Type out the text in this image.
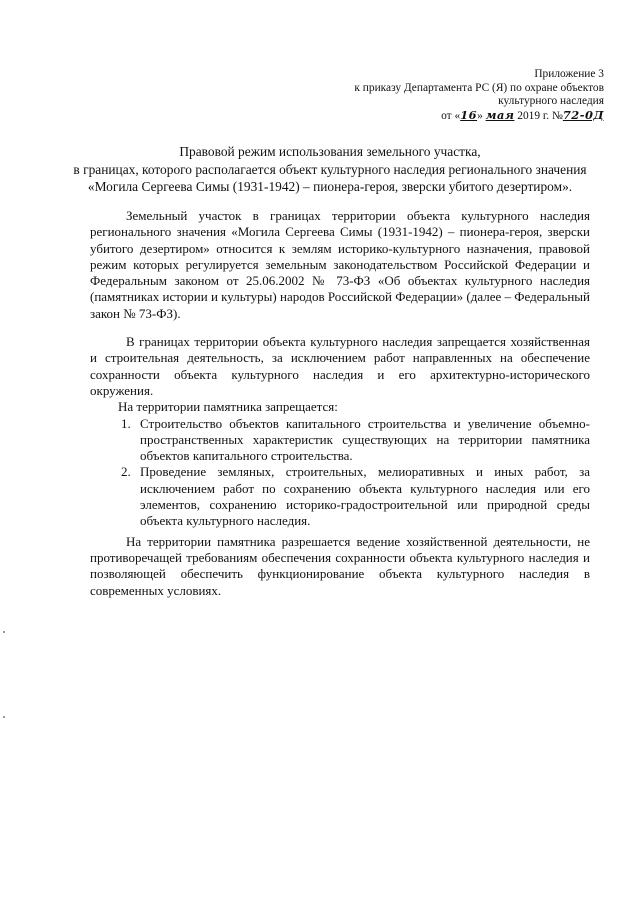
Приложение 3
к приказу Департамента РС (Я) по охране объектов
культурного наследия
от «16» мая 2019 г. №72-0Д
Правовой режим использования земельного участка,
в границах, которого располагается объект культурного наследия регионального значения
«Могила Сергеева Симы (1931-1942) – пионера-героя, зверски убитого дезертиром».

Земельный участок в границах территории объекта культурного наследия регионального значения «Могила Сергеева Симы (1931-1942) – пионера-героя, зверски убитого дезертиром» относится к землям историко-культурного назначения, правовой режим которых регулируется земельным законодательством Российской Федерации и Федеральным законом от 25.06.2002 № 73-ФЗ «Об объектах культурного наследия (памятниках истории и культуры) народов Российской Федерации» (далее – Федеральный закон № 73-ФЗ).

В границах территории объекта культурного наследия запрещается хозяйственная и строительная деятельность, за исключением работ направленных на обеспечение сохранности объекта культурного наследия и его архитектурно-исторического окружения.

На территории памятника запрещается:

1. Строительство объектов капитального строительства и увеличение объемно-пространственных характеристик существующих на территории памятника объектов капитального строительства.
2. Проведение земляных, строительных, мелиоративных и иных работ, за исключением работ по сохранению объекта культурного наследия или его элементов, сохранению историко-градостроительной или природной среды объекта культурного наследия.

На территории памятника разрешается ведение хозяйственной деятельности, не противоречащей требованиям обеспечения сохранности объекта культурного наследия и позволяющей обеспечить функционирование объекта культурного наследия в современных условиях.
